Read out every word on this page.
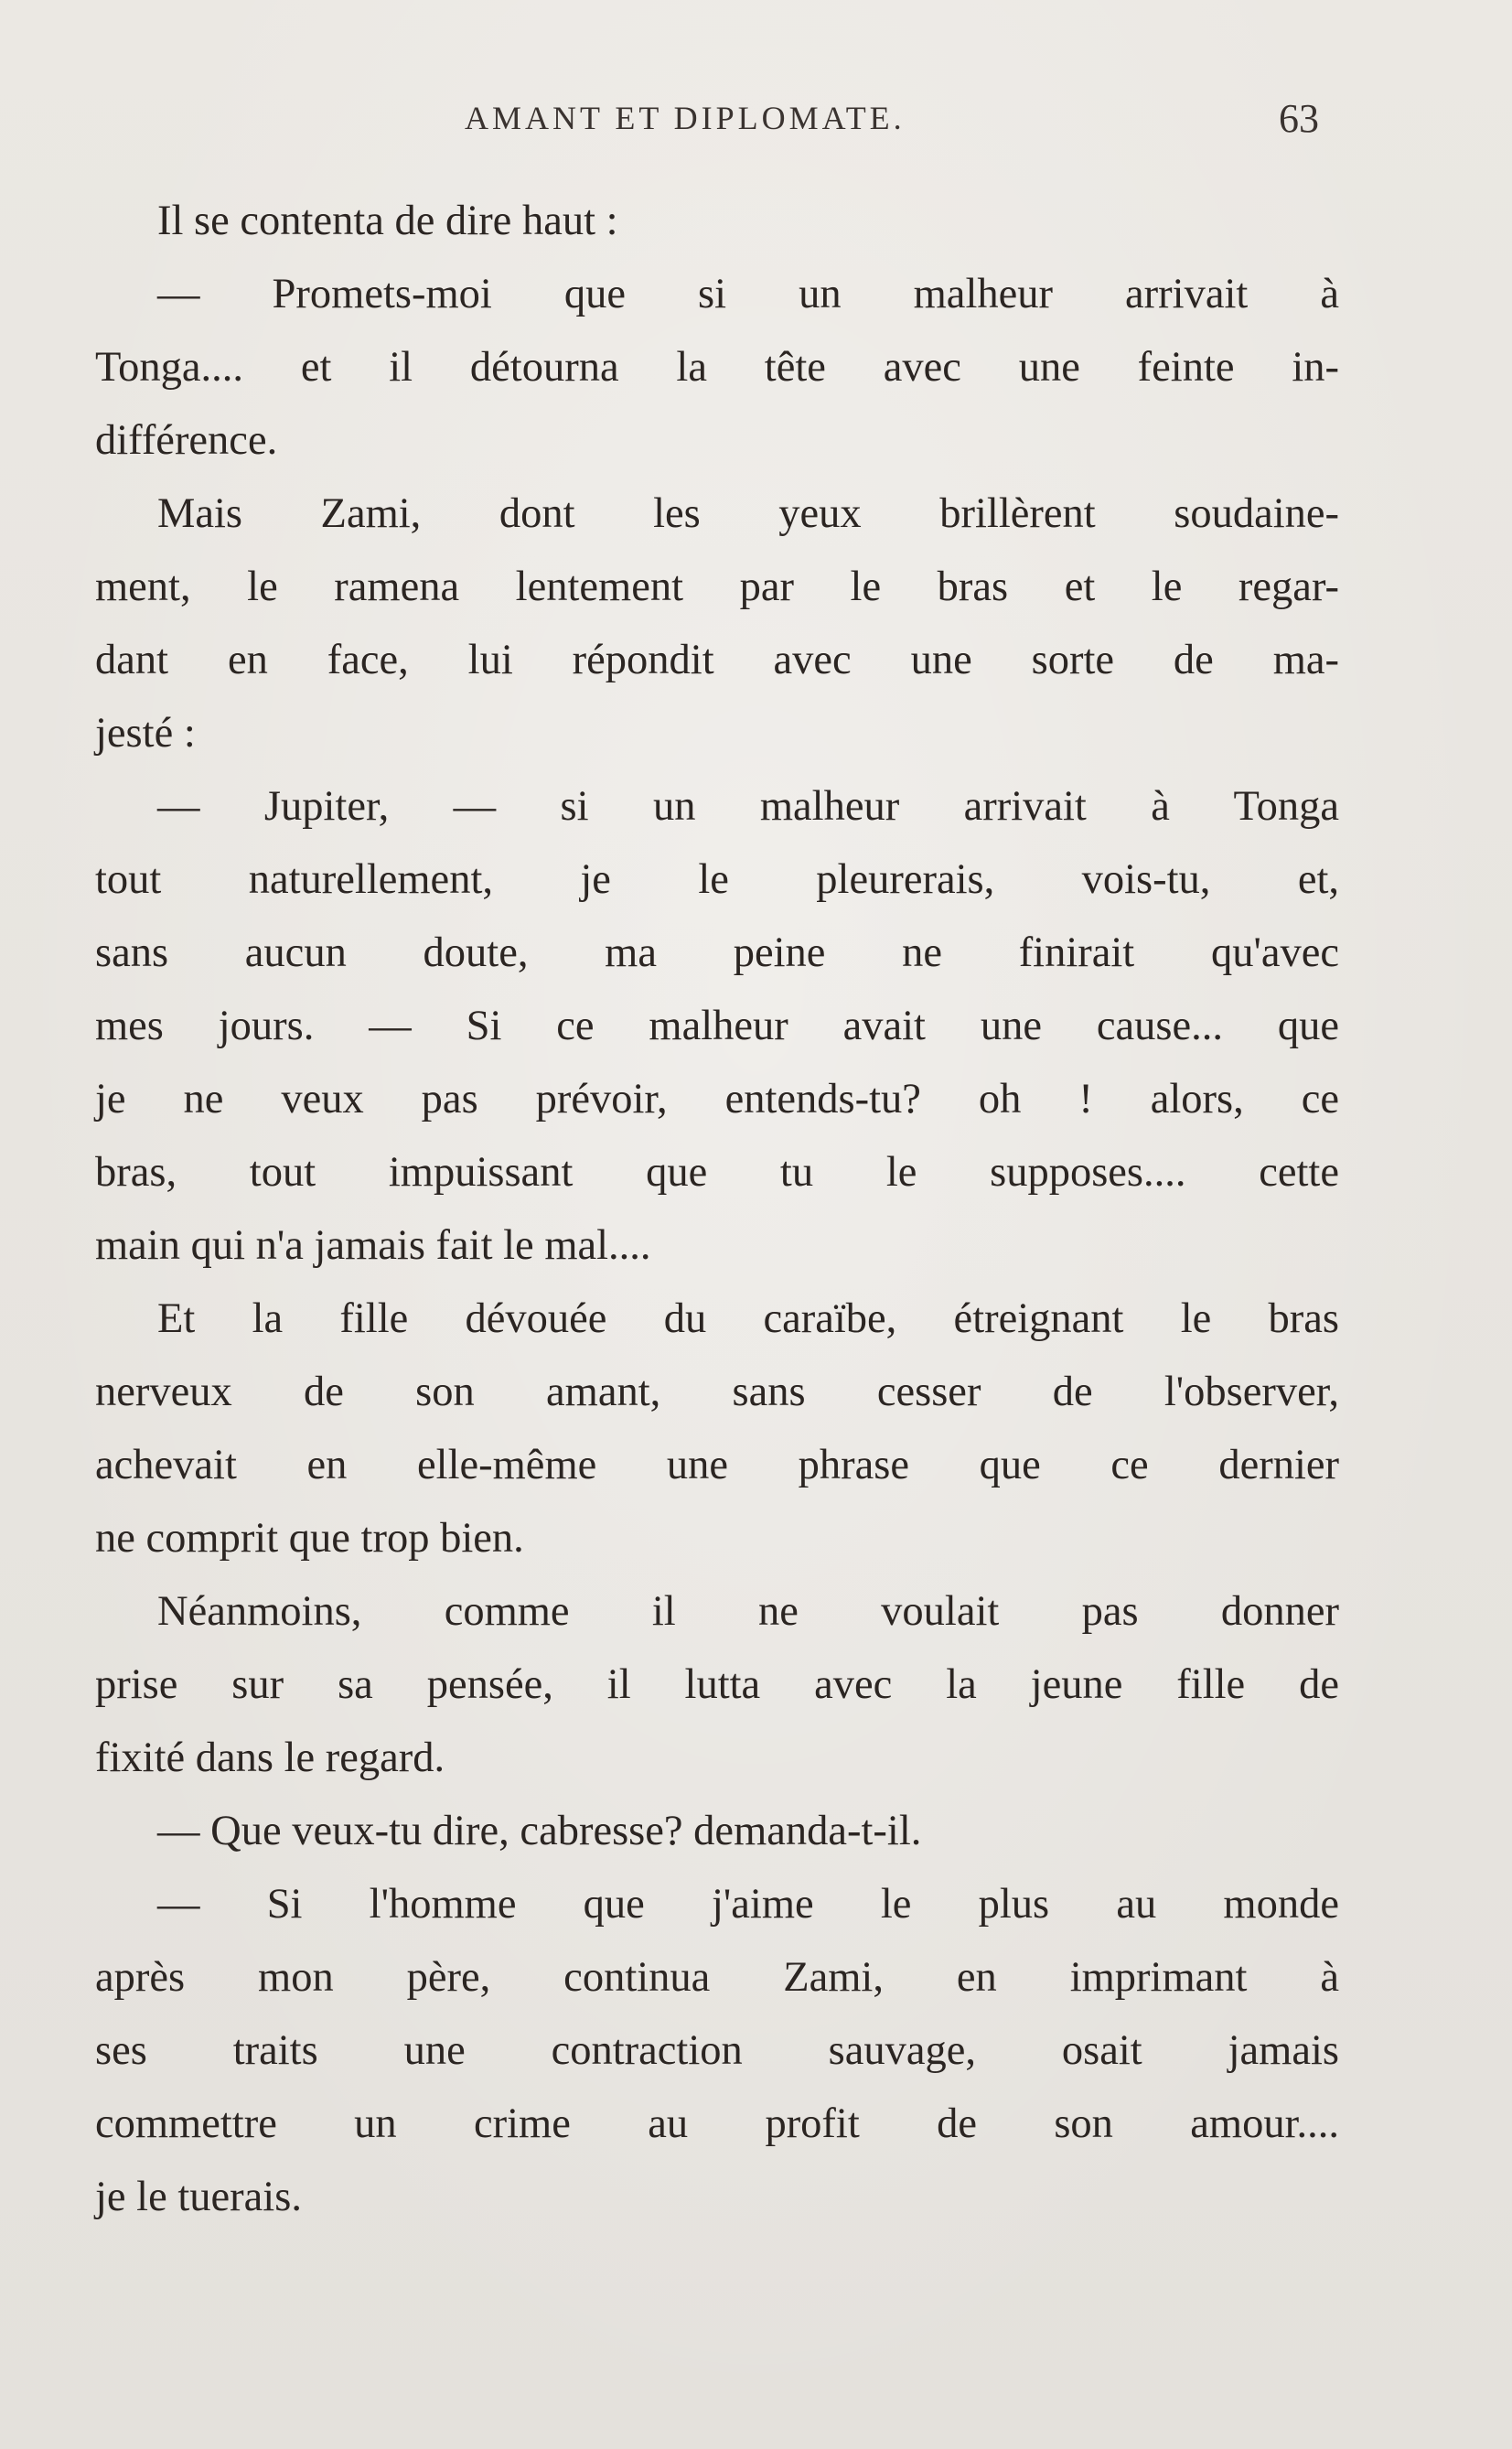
AMANT ET DIPLOMATE.	63
Il se contenta de dire haut :
— Promets-moi que si un malheur arrivait à
Tonga.... et il détourna la tête avec une feinte in-
différence.
Mais Zami, dont les yeux brillèrent soudaine-
ment, le ramena lentement par le bras et le regar-
dant en face, lui répondit avec une sorte de ma-
jesté :
— Jupiter, — si un malheur arrivait à Tonga
tout naturellement, je le pleurerais, vois-tu, et,
sans aucun doute, ma peine ne finirait qu'avec
mes jours. — Si ce malheur avait une cause... que
je ne veux pas prévoir, entends-tu? oh ! alors, ce
bras, tout impuissant que tu le supposes.... cette
main qui n'a jamais fait le mal....
Et la fille dévouée du caraïbe, étreignant le bras
nerveux de son amant, sans cesser de l'observer,
achevait en elle-même une phrase que ce dernier
ne comprit que trop bien.
Néanmoins, comme il ne voulait pas donner
prise sur sa pensée, il lutta avec la jeune fille de
fixité dans le regard.
— Que veux-tu dire, cabresse? demanda-t-il.
— Si l'homme que j'aime le plus au monde
après mon père, continua Zami, en imprimant à
ses traits une contraction sauvage, osait jamais
commettre un crime au profit de son amour....
je le tuerais.
